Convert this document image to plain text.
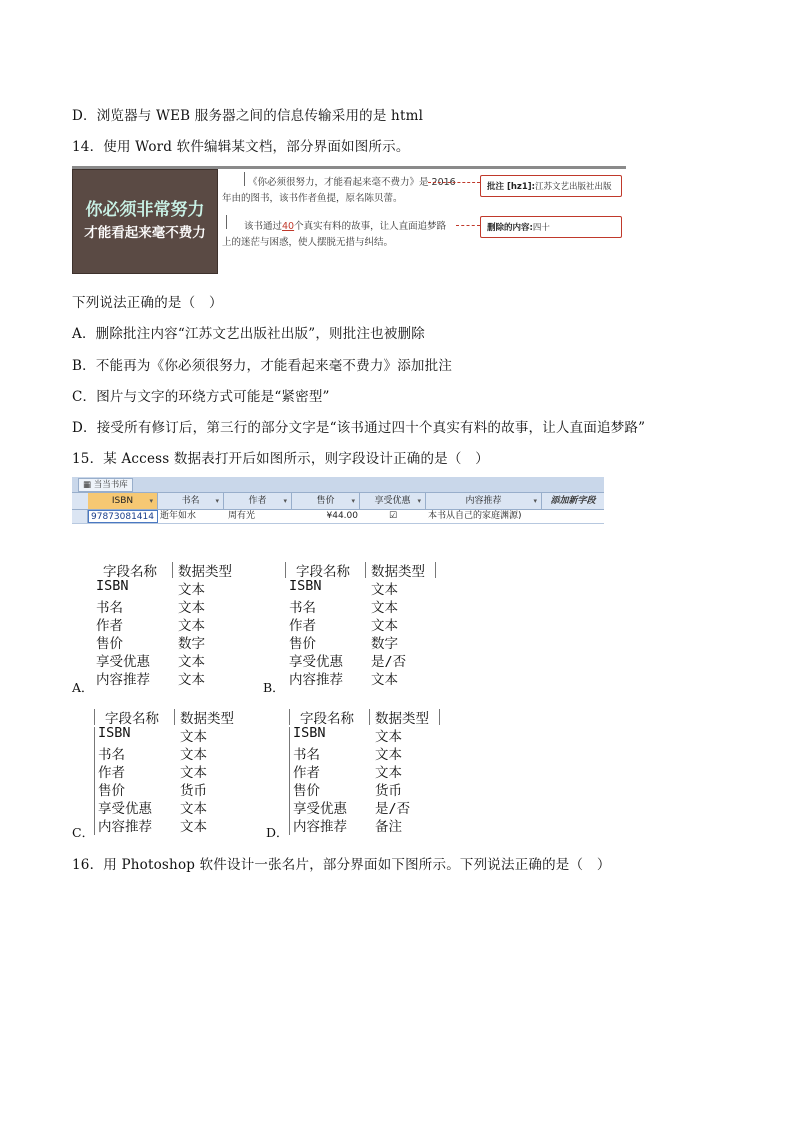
D．浏览器与 WEB 服务器之间的信息传输采用的是 html
14．使用 Word 软件编辑某文档，部分界面如图所示。
你必须非常努力
才能看起来毫不费力
《你必须很努力，才能看起来毫不费力》是 2016
年由的图书，该书作者鱼提，原名陈贝蕾。
该书通过40个真实有料的故事，让人直面追梦路
上的迷茫与困惑，使人摆脱无措与纠结。
批注 [hz1]:江苏文艺出版社出版
删除的内容:四十
下列说法正确的是（　）
A．删除批注内容“江苏文艺出版社出版”，则批注也被删除
B．不能再为《你必须很努力，才能看起来毫不费力》添加批注
C．图片与文字的环绕方式可能是“紧密型”
D．接受所有修订后，第三行的部分文字是“该书通过四十个真实有料的故事，让人直面追梦路”
15．某 Access 数据表打开后如图所示，则字段设计正确的是（　）
▦ 当当书库
ISBN ▾	书名 ▾	作者 ▾	售价 ▾	享受优惠 ▾	内容推荐	▾	添加新字段
97873081414 逝年如水	周有光	¥44.00	☑	本书从自己的家庭渊源)
字段名称 数据类型
ISBN	文本
书名	文本
作者	文本
售价	数字
享受优惠 文本
内容推荐 文本
A．
字段名称 数据类型
ISBN	文本
书名	文本
作者	文本
售价	数字
享受优惠 是/否
内容推荐 文本
B．
字段名称 数据类型
ISBN	文本
书名	文本
作者	文本
售价	货币
享受优惠 文本
内容推荐 文本
C．
字段名称 数据类型
ISBN	文本
书名	文本
作者	文本
售价	货币
享受优惠 是/否
内容推荐 备注
D．
16．用 Photoshop 软件设计一张名片，部分界面如下图所示。下列说法正确的是（　）
